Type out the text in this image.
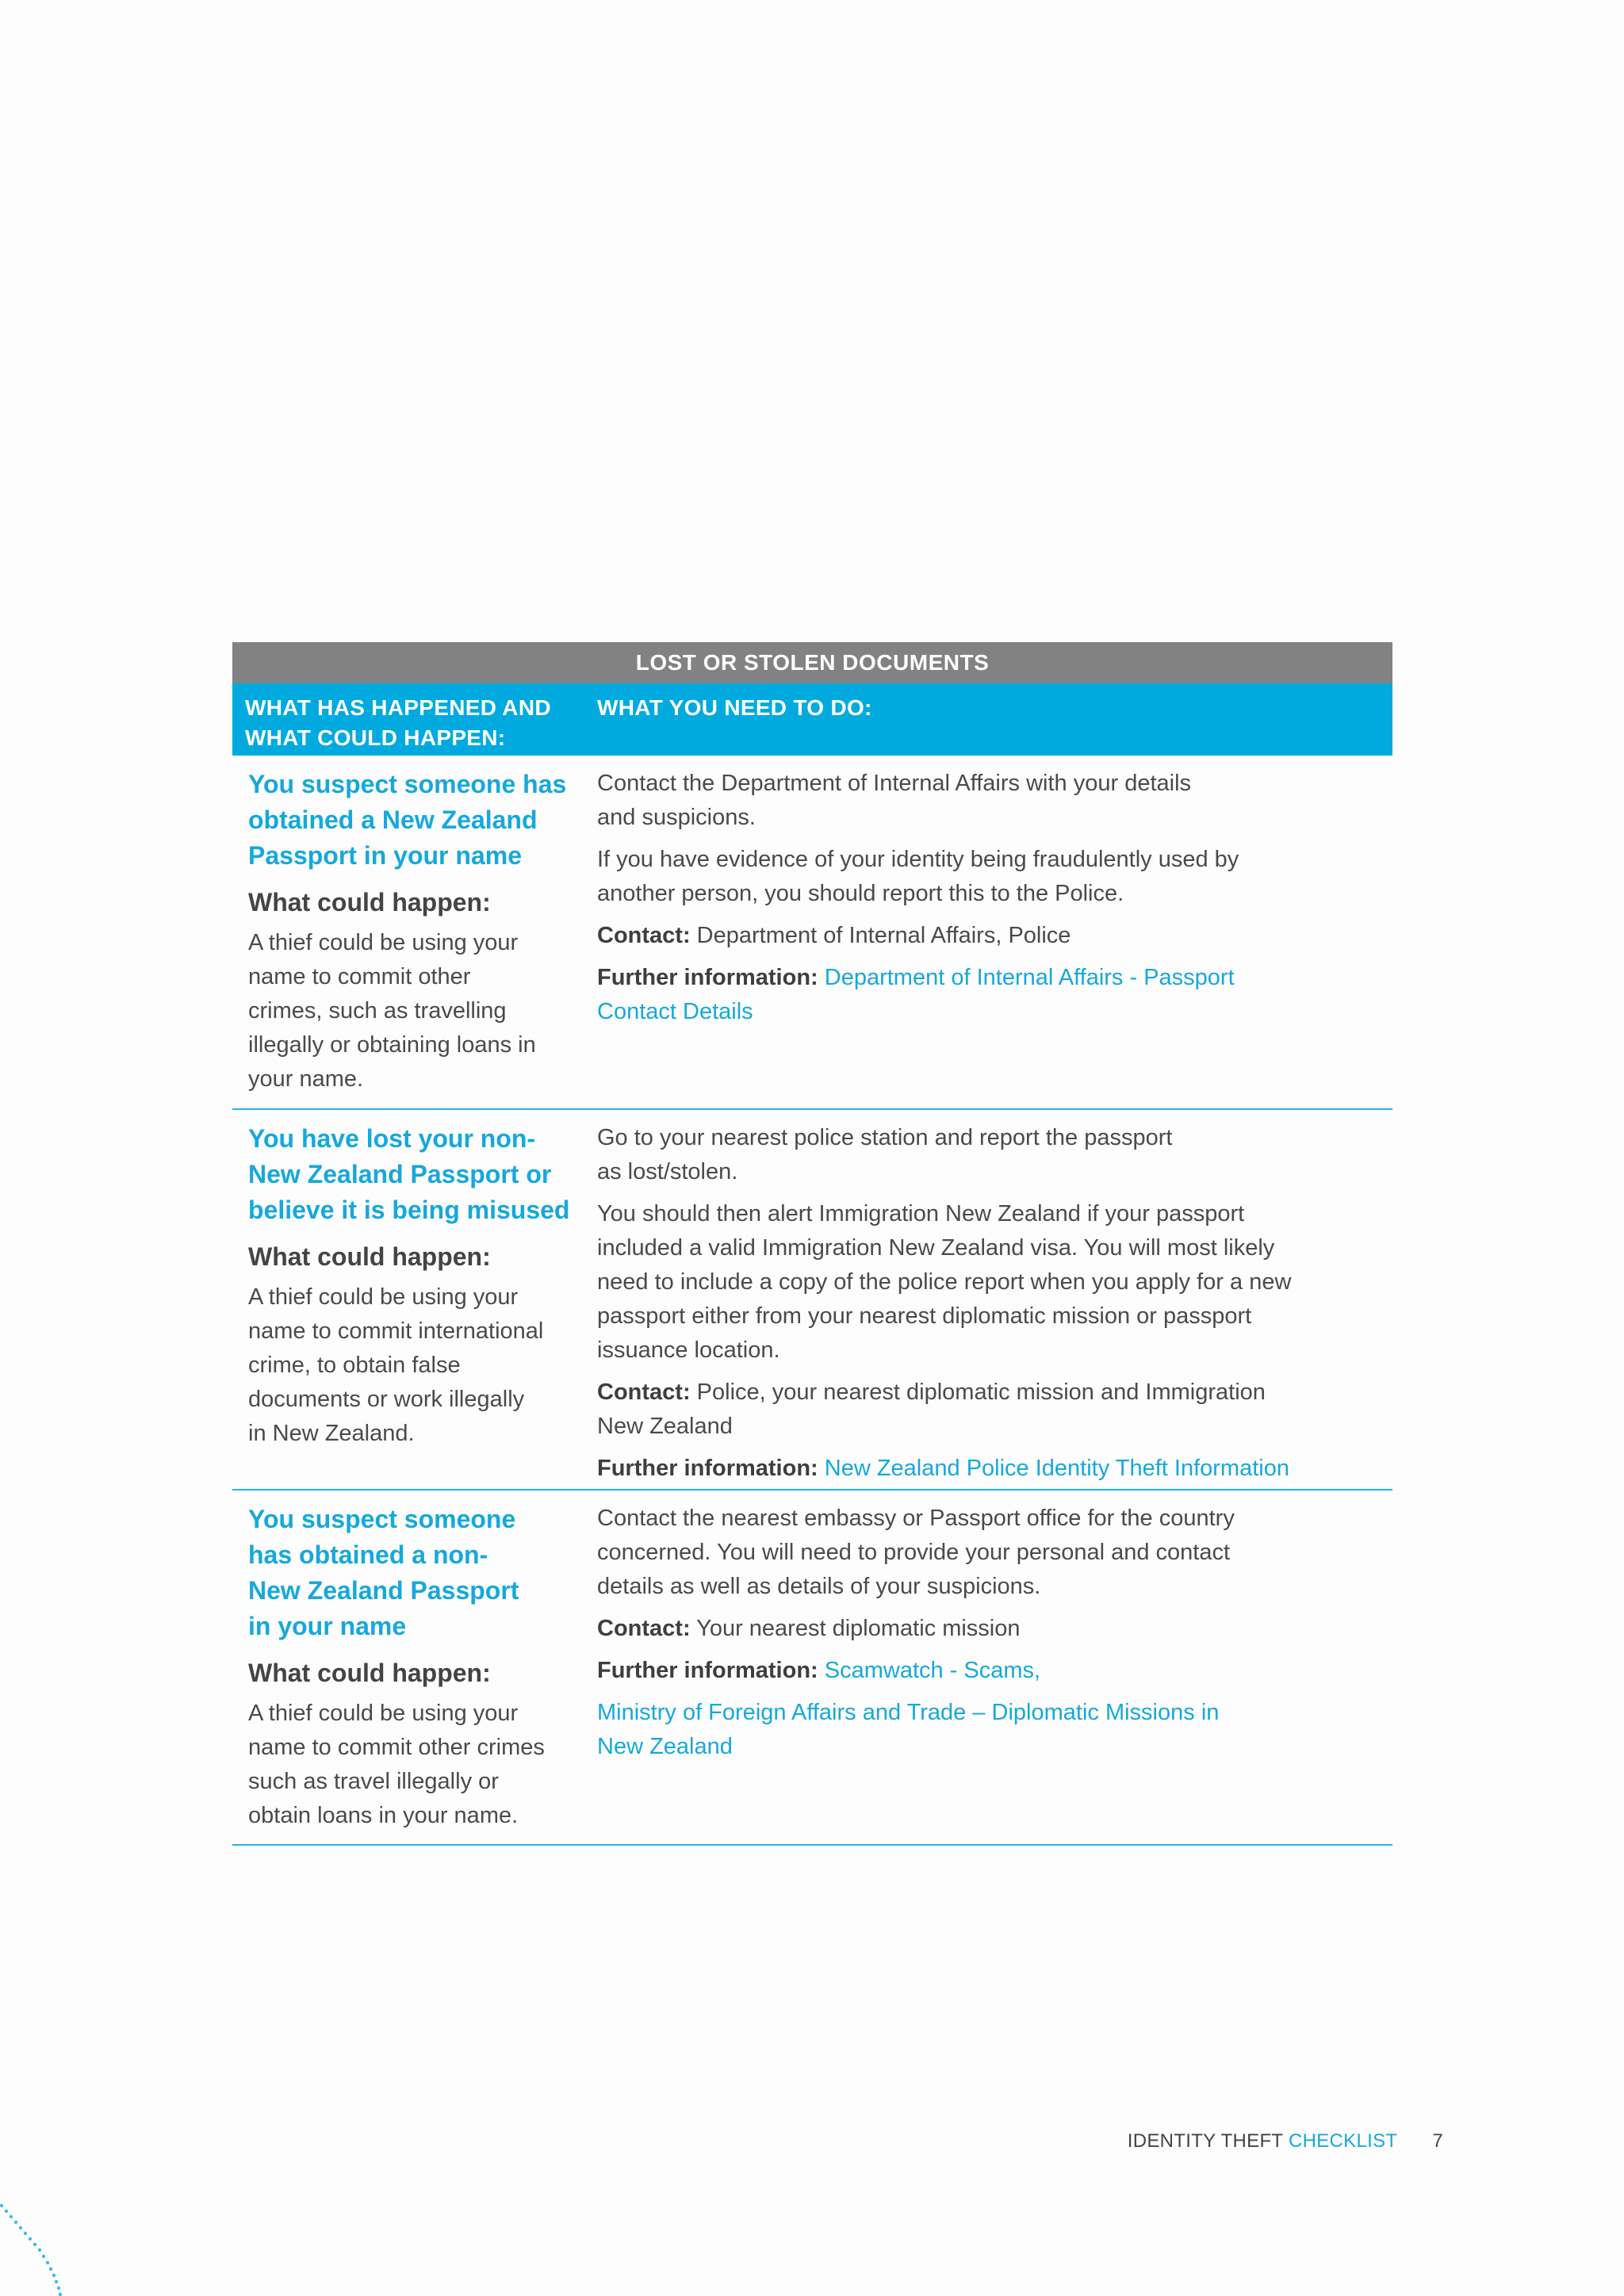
LOST OR STOLEN DOCUMENTS
WHAT HAS HAPPENED AND
WHAT COULD HAPPEN:
WHAT YOU NEED TO DO:

You suspect someone has
obtained a New Zealand
Passport in your name

What could happen:

A thief could be using your
name to commit other
crimes, such as travelling
illegally or obtaining loans in
your name.

Contact the Department of Internal Affairs with your details
and suspicions.

If you have evidence of your identity being fraudulently used by
another person, you should report this to the Police.

Contact: Department of Internal Affairs, Police

Further information: Department of Internal Affairs - Passport
Contact Details

You have lost your non-
New Zealand Passport or
believe it is being misused

What could happen:

A thief could be using your
name to commit international
crime, to obtain false
documents or work illegally
in New Zealand.

Go to your nearest police station and report the passport
as lost/stolen.

You should then alert Immigration New Zealand if your passport
included a valid Immigration New Zealand visa. You will most likely
need to include a copy of the police report when you apply for a new
passport either from your nearest diplomatic mission or passport
issuance location.

Contact: Police, your nearest diplomatic mission and Immigration
New Zealand

Further information: New Zealand Police Identity Theft Information

You suspect someone
has obtained a non-
New Zealand Passport
in your name

What could happen:

A thief could be using your
name to commit other crimes
such as travel illegally or
obtain loans in your name.

Contact the nearest embassy or Passport office for the country
concerned. You will need to provide your personal and contact
details as well as details of your suspicions.

Contact: Your nearest diplomatic mission

Further information: Scamwatch - Scams,

Ministry of Foreign Affairs and Trade – Diplomatic Missions in
New Zealand

IDENTITY THEFT CHECKLIST 7
